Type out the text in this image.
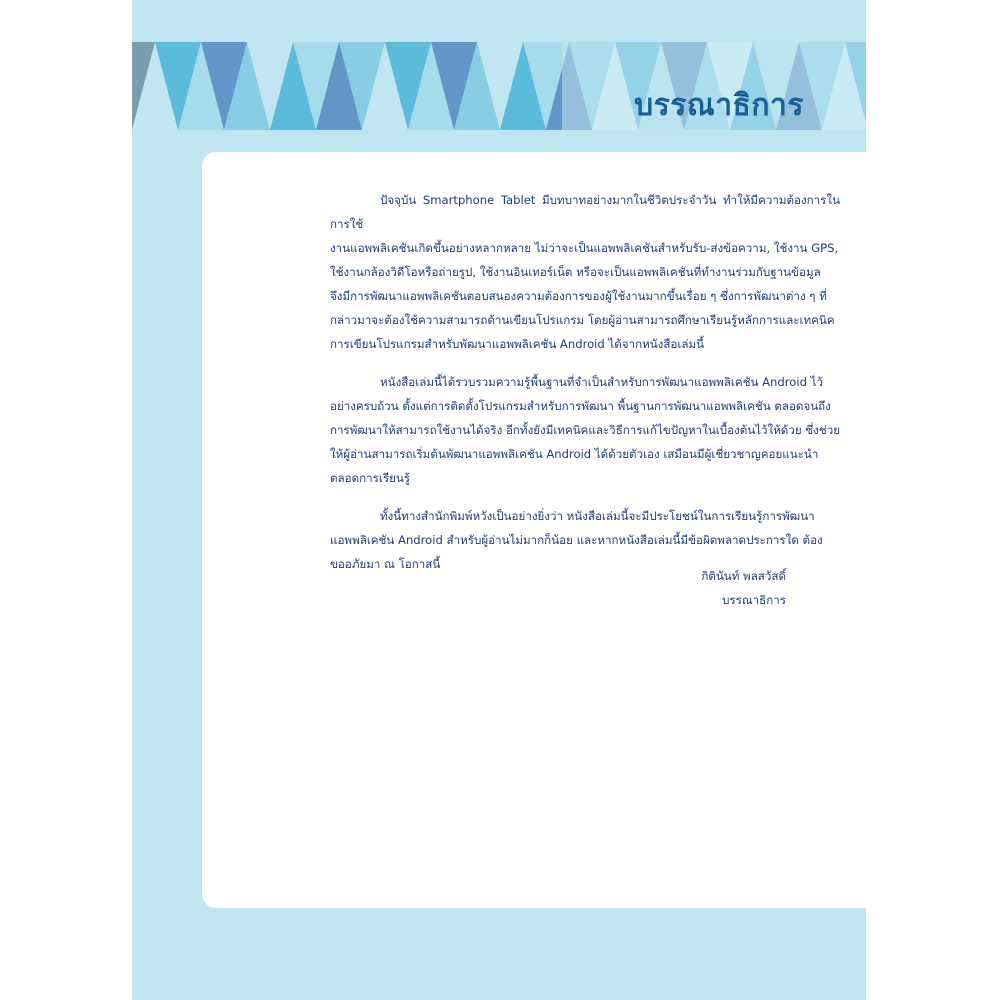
บรรณาธิการ

ปัจจุบัน Smartphone Tablet มีบทบาทอย่างมากในชีวิตประจำวัน ทำให้มีความต้องการในการใช้
งานแอพพลิเคชันเกิดขึ้นอย่างหลากหลาย ไม่ว่าจะเป็นแอพพลิเคชันสำหรับรับ-ส่งข้อความ, ใช้งาน GPS,
ใช้งานกล้องวิดีโอหรือถ่ายรูป, ใช้งานอินเทอร์เน็ต หรือจะเป็นแอพพลิเคชันที่ทำงานร่วมกับฐานข้อมูล
จึงมีการพัฒนาแอพพลิเคชันตอบสนองความต้องการของผู้ใช้งานมากขึ้นเรื่อย ๆ ซึ่งการพัฒนาต่าง ๆ ที่
กล่าวมาจะต้องใช้ความสามารถด้านเขียนโปรแกรม โดยผู้อ่านสามารถศึกษาเรียนรู้หลักการและเทคนิค
การเขียนโปรแกรมสำหรับพัฒนาแอพพลิเคชัน Android ได้จากหนังสือเล่มนี้

หนังสือเล่มนี้ได้รวบรวมความรู้พื้นฐานที่จำเป็นสำหรับการพัฒนาแอพพลิเคชัน Android ไว้
อย่างครบถ้วน ตั้งแต่การติดตั้งโปรแกรมสำหรับการพัฒนา พื้นฐานการพัฒนาแอพพลิเคชัน ตลอดจนถึง
การพัฒนาให้สามารถใช้งานได้จริง อีกทั้งยังมีเทคนิคและวิธีการแก้ไขปัญหาในเบื้องต้นไว้ให้ด้วย ซึ่งช่วย
ให้ผู้อ่านสามารถเริ่มต้นพัฒนาแอพพลิเคชัน Android ได้ด้วยตัวเอง เสมือนมีผู้เชี่ยวชาญคอยแนะนำ
ตลอดการเรียนรู้

ทั้งนี้ทางสำนักพิมพ์หวังเป็นอย่างยิ่งว่า หนังสือเล่มนี้จะมีประโยชน์ในการเรียนรู้การพัฒนา
แอพพลิเคชัน Android สำหรับผู้อ่านไม่มากก็น้อย และหากหนังสือเล่มนี้มีข้อผิดพลาดประการใด ต้อง
ขออภัยมา ณ โอกาสนี้

กิตินันท์ พลสวัสดิ์
บรรณาธิการ
